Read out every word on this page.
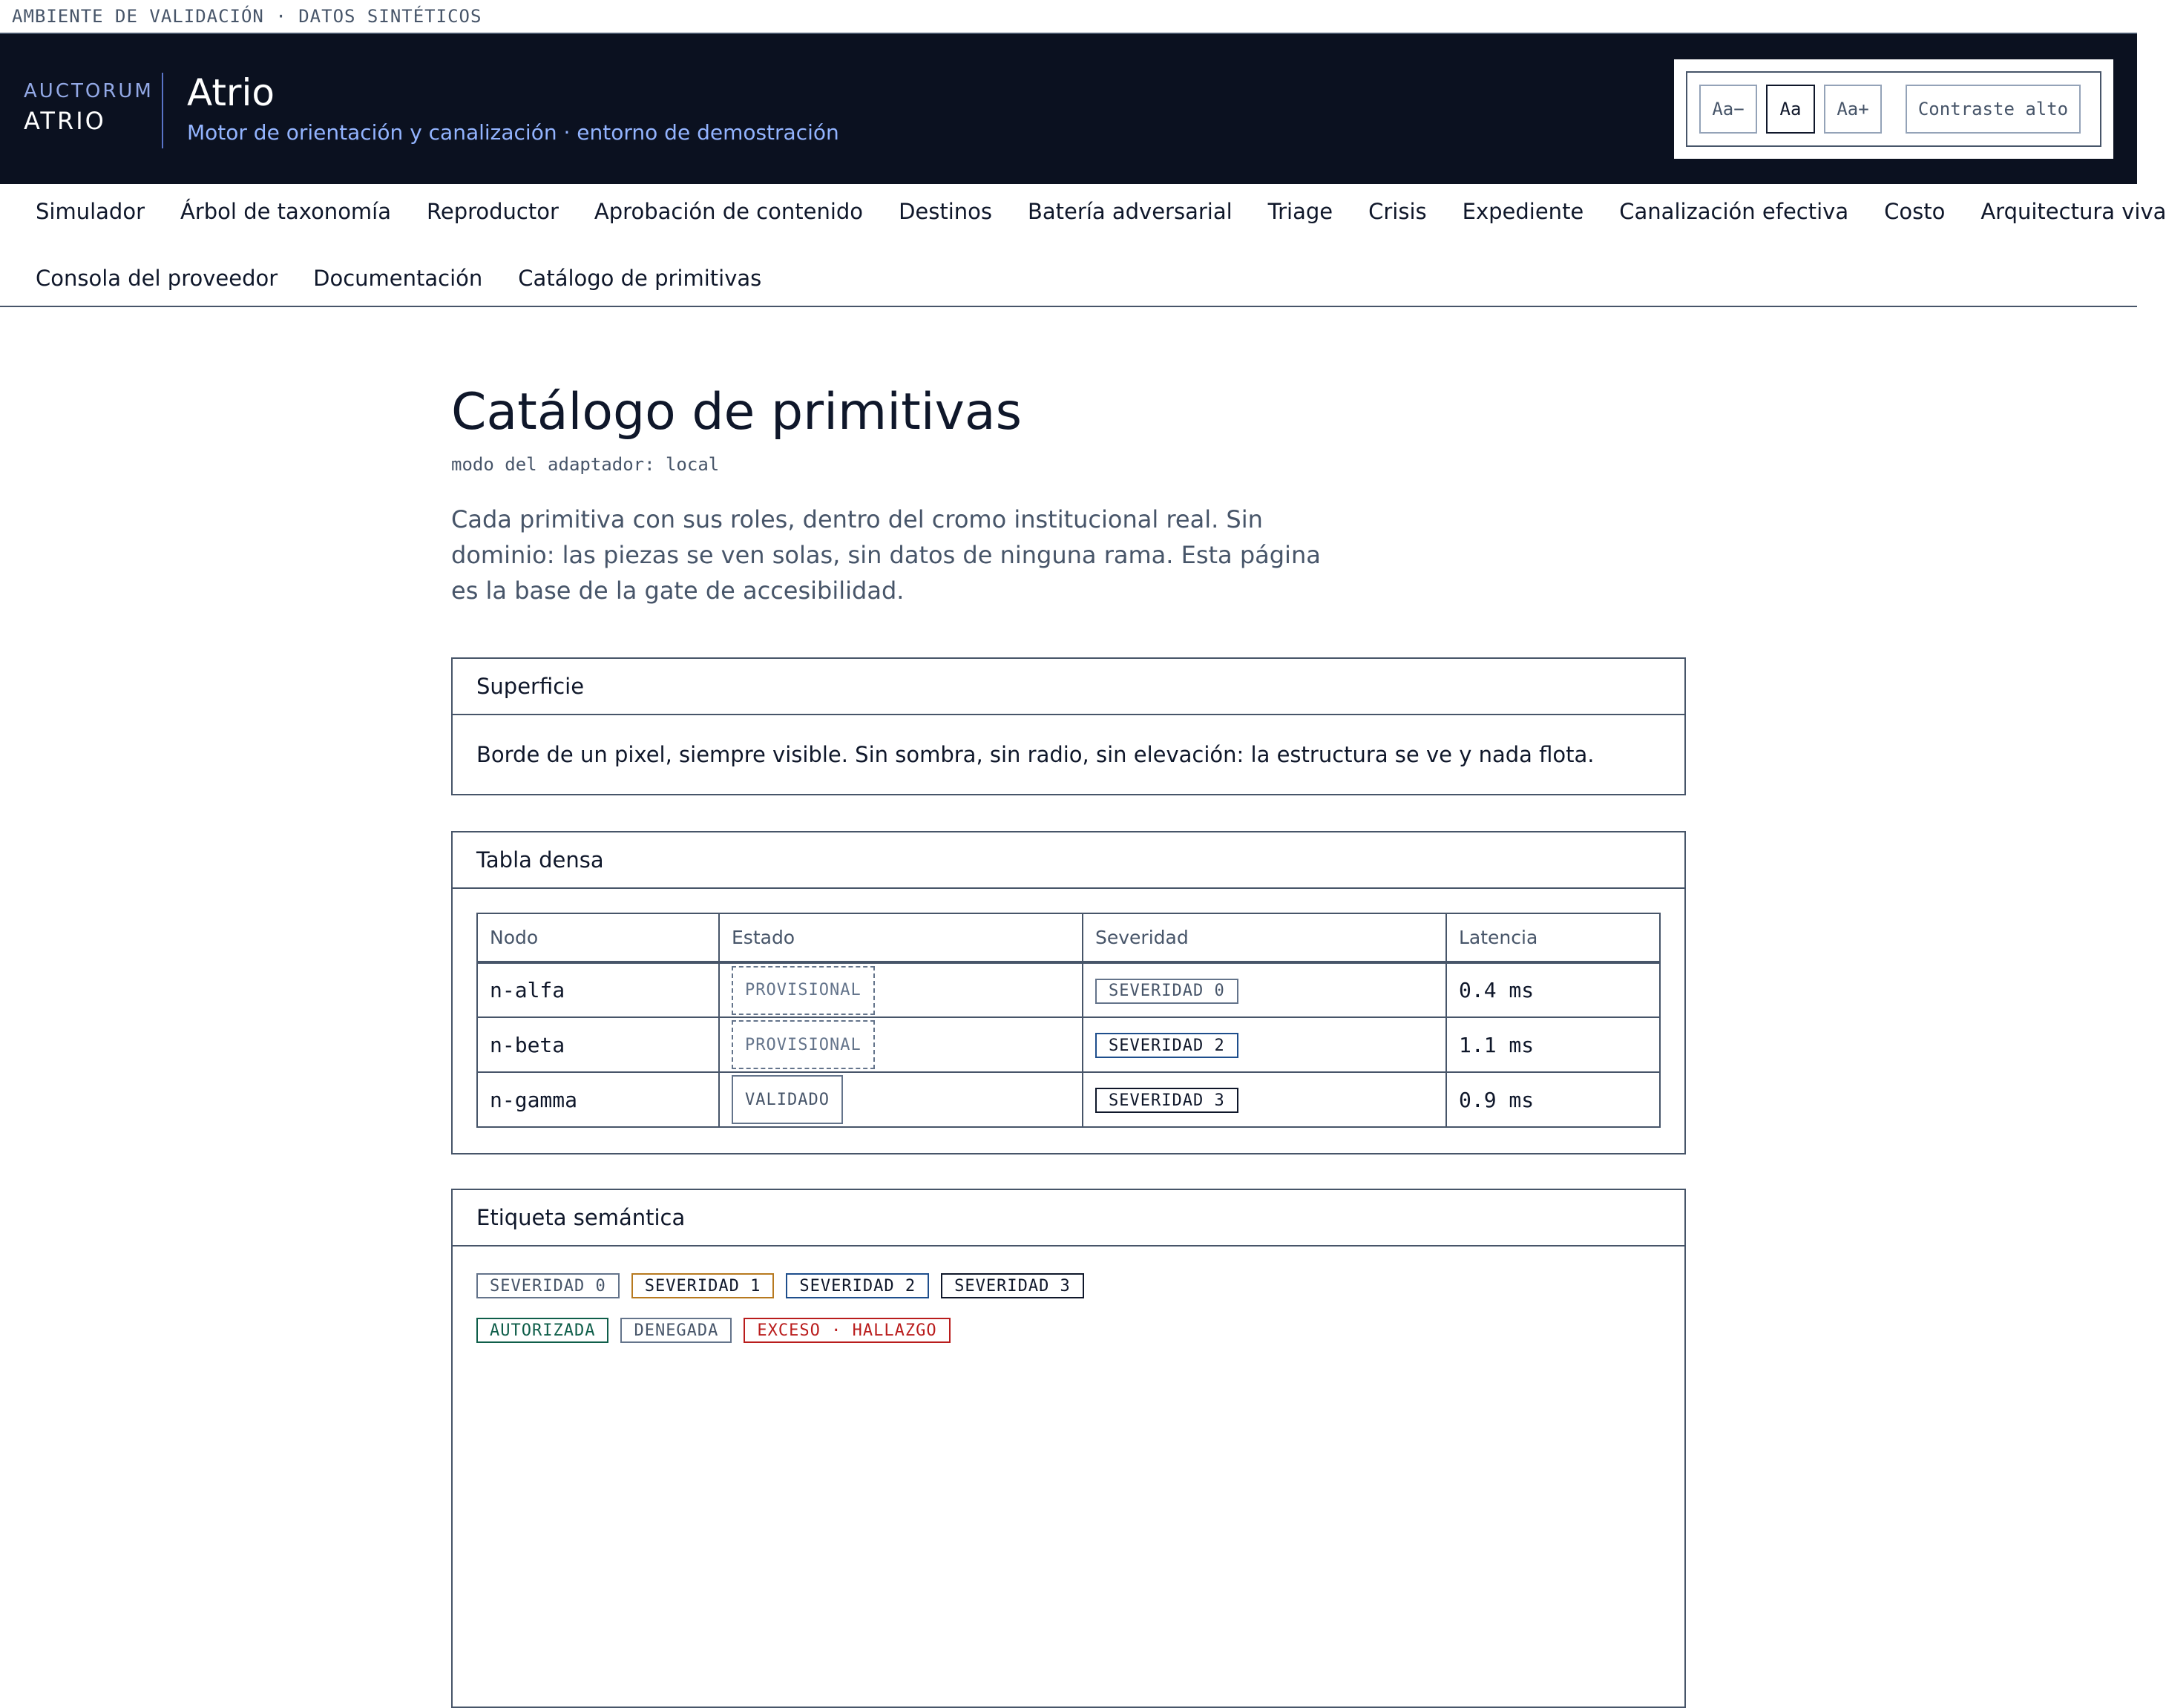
AMBIENTE DE VALIDACIÓN · DATOS SINTÉTICOS
AUCTORUM
ATRIO
Atrio
Motor de orientación y canalización · entorno de demostración
Aa−	Aa	Aa+	Contraste alto
Simulador Árbol de taxonomía Reproductor Aprobación de contenido Destinos Batería adversarial Triage Crisis Expediente Canalización efectiva Costo Arquitectura viva
Consola del proveedor Documentación Catálogo de primitivas
Catálogo de primitivas
modo del adaptador: local
Cada primitiva con sus roles, dentro del cromo institucional real. Sin dominio: las piezas se ven solas, sin datos de ninguna rama. Esta página es la base de la gate de accesibilidad.
Superficie
Borde de un pixel, siempre visible. Sin sombra, sin radio, sin elevación: la estructura se ve y nada flota.
Tabla densa
Nodo	Estado	Severidad	Latencia
n-alfa	PROVISIONAL	SEVERIDAD 0	0.4 ms
n-beta	PROVISIONAL	SEVERIDAD 2	1.1 ms
n-gamma	VALIDADO	SEVERIDAD 3	0.9 ms
Etiqueta semántica
SEVERIDAD 0	SEVERIDAD 1	SEVERIDAD 2	SEVERIDAD 3
AUTORIZADA	DENEGADA	EXCESO · HALLAZGO
